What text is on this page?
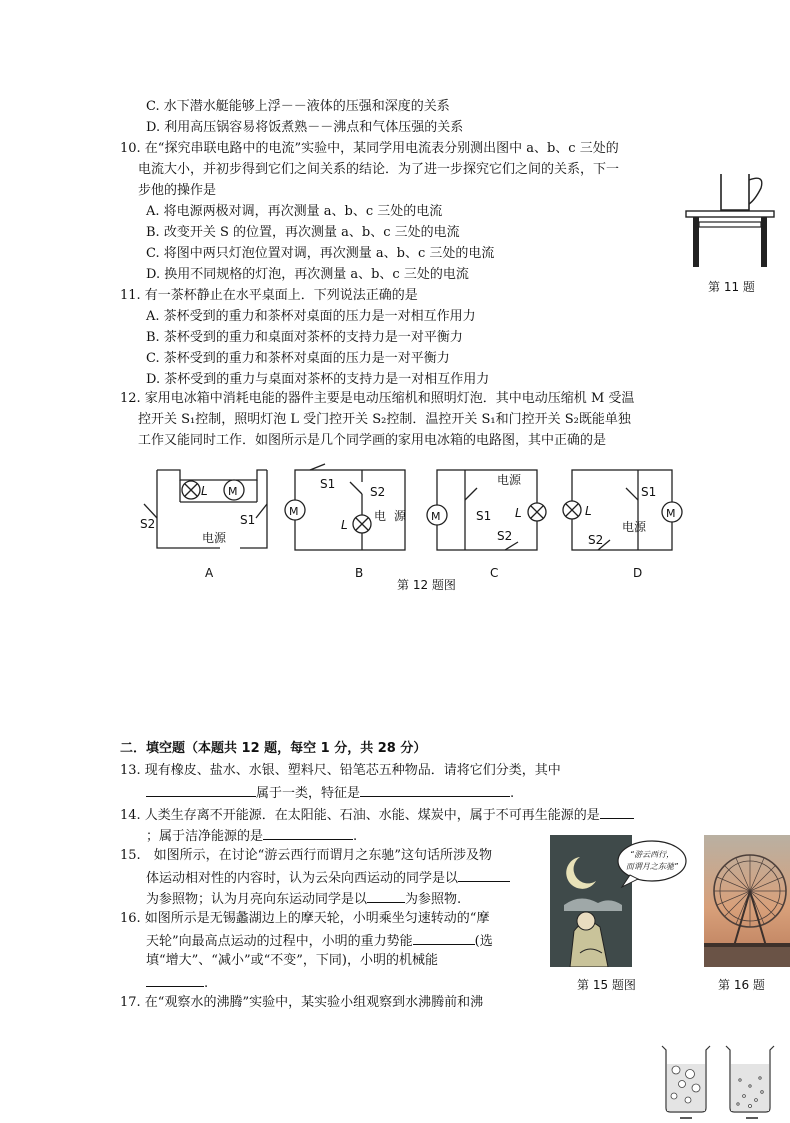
C. 水下潜水艇能够上浮－－液体的压强和深度的关系
D. 利用高压锅容易将饭煮熟－－沸点和气体压强的关系
10. 在“探究串联电路中的电流”实验中，某同学用电流表分别测出图中 a、b、c 三处的
电流大小，并初步得到它们之间关系的结论．为了进一步探究它们之间的关系，下一
步他的操作是
A. 将电源两极对调，再次测量 a、b、c 三处的电流
B. 改变开关 S 的位置，再次测量 a、b、c 三处的电流
C. 将图中两只灯泡位置对调，再次测量 a、b、c 三处的电流
D. 换用不同规格的灯泡，再次测量 a、b、c 三处的电流
第 11 题
11. 有一茶杯静止在水平桌面上．下列说法正确的是
A. 茶杯受到的重力和茶杯对桌面的压力是一对相互作用力
B. 茶杯受到的重力和桌面对茶杯的支持力是一对平衡力
C. 茶杯受到的重力和茶杯对桌面的压力是一对平衡力
D. 茶杯受到的重力与桌面对茶杯的支持力是一对相互作用力
12. 家用电冰箱中消耗电能的器件主要是电动压缩机和照明灯泡．其中电动压缩机 M 受温
控开关 S₁控制，照明灯泡 L 受门控开关 S₂控制．温控开关 S₁和门控开关 S₂既能单独
工作又能同时工作．如图所示是几个同学画的家用电冰箱的电路图，其中正确的是
L M
S2	S1
电源
M
S1
S2
L
电 源 M	S1
电源
L
S2
L
S1
电源
M
S2
A	B	C	D
第 12 题图
二．填空题（本题共 12 题，每空 1 分，共 28 分）
13. 现有橡皮、盐水、水银、塑料尺、铅笔芯五种物品．请将它们分类，其中
属于一类，特征是	.
14. 人类生存离不开能源．在太阳能、石油、水能、煤炭中，属于不可再生能源的是
；属于洁净能源的是	.
15.　如图所示，在讨论“游云西行而谓月之东驰”这句话所涉及物
体运动相对性的内容时，认为云朵向西运动的同学是以
为参照物；认为月亮向东运动同学是以	为参照物.
16. 如图所示是无锡蠡湖边上的摩天轮，小明乘坐匀速转动的“摩
天轮”向最高点运动的过程中，小明的重力势能	(选
填“增大”、“减小”或“不变”，下同)，小明的机械能
.
17. 在“观察水的沸腾”实验中，某实验小组观察到水沸腾前和沸
“游云西行，
而谓月之东驰”
第 15 题图	第 16 题
